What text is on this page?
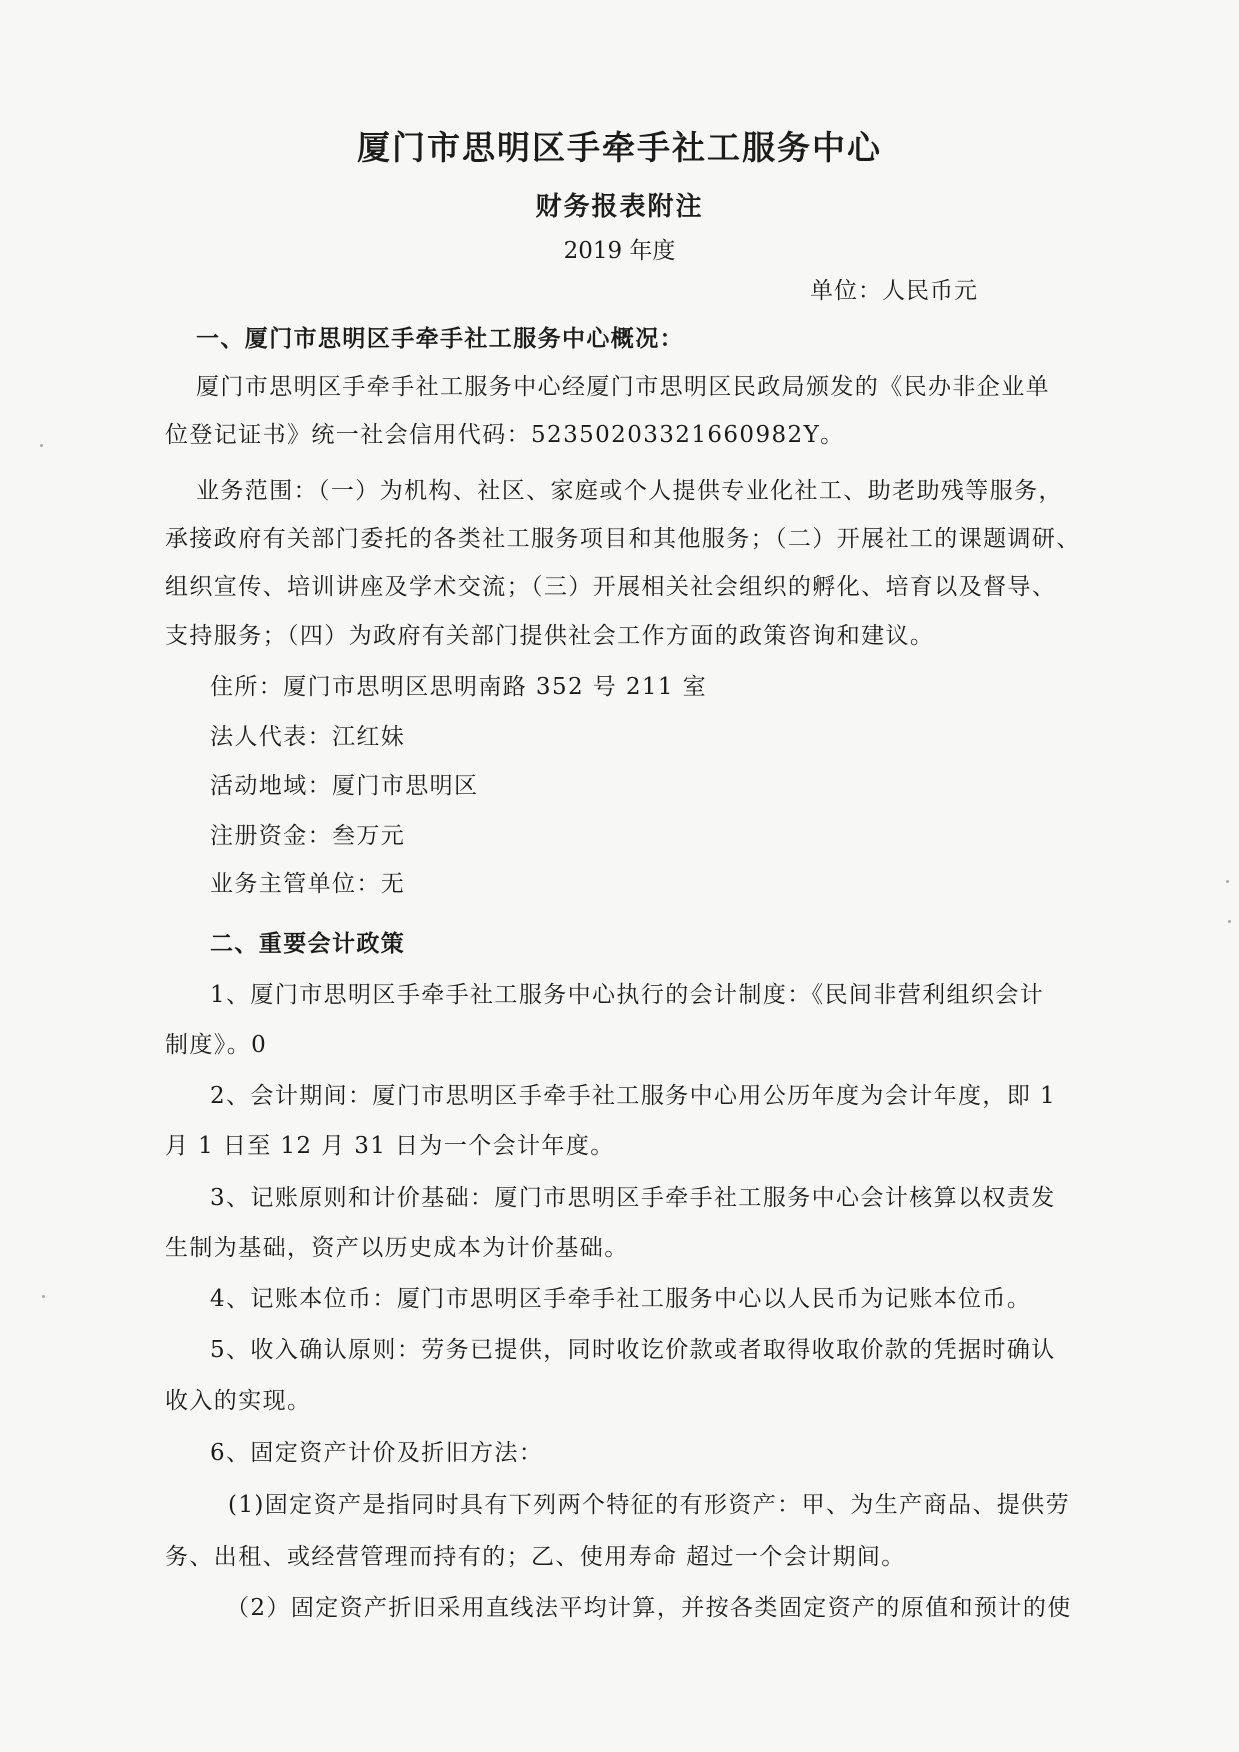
厦门市思明区手牵手社工服务中心
财务报表附注
2019 年度
单位：人民币元
一、厦门市思明区手牵手社工服务中心概况：
厦门市思明区手牵手社工服务中心经厦门市思明区民政局颁发的《民办非企业单
位登记证书》统一社会信用代码：52350203321660982Y。
业务范围：（一）为机构、社区、家庭或个人提供专业化社工、助老助残等服务，
承接政府有关部门委托的各类社工服务项目和其他服务；（二）开展社工的课题调研、
组织宣传、培训讲座及学术交流；（三）开展相关社会组织的孵化、培育以及督导、
支持服务；（四）为政府有关部门提供社会工作方面的政策咨询和建议。
住所：厦门市思明区思明南路 352 号 211 室
法人代表：江红妹
活动地域：厦门市思明区
注册资金：叁万元
业务主管单位：无
二、重要会计政策
1、厦门市思明区手牵手社工服务中心执行的会计制度：《民间非营利组织会计
制度》。0
2、会计期间：厦门市思明区手牵手社工服务中心用公历年度为会计年度，即 1
月 1 日至 12 月 31 日为一个会计年度。
3、记账原则和计价基础：厦门市思明区手牵手社工服务中心会计核算以权责发
生制为基础，资产以历史成本为计价基础。
4、记账本位币：厦门市思明区手牵手社工服务中心以人民币为记账本位币。
5、收入确认原则：劳务已提供，同时收讫价款或者取得收取价款的凭据时确认
收入的实现。
6、固定资产计价及折旧方法：
(1)固定资产是指同时具有下列两个特征的有形资产：甲、为生产商品、提供劳
务、出租、或经营管理而持有的；乙、使用寿命 超过一个会计期间。
（2）固定资产折旧采用直线法平均计算，并按各类固定资产的原值和预计的使
